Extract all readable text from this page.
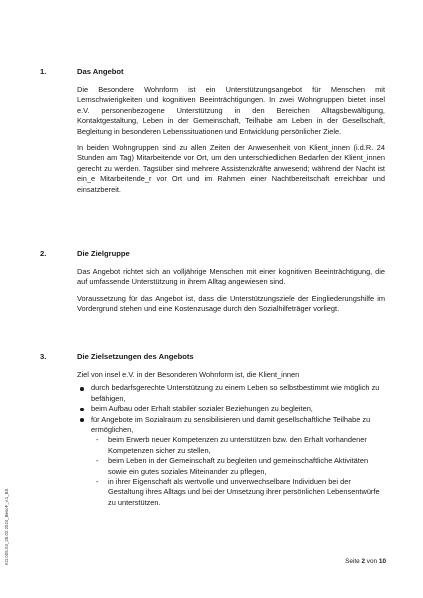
1.	Das Angebot

Die Besondere Wohnform ist ein Unterstützungsangebot für Menschen mit Lernschwierigkeiten und kognitiven Beeinträchtigungen. In zwei Wohngruppen bietet insel e.V. personenbezogene Unterstützung in den Bereichen Alltagsbewältigung, Kontaktgestaltung, Leben in der Gemeinschaft, Teilhabe am Leben in der Gesellschaft, Begleitung in besonderen Lebenssituationen und Entwicklung persönlicher Ziele.

In beiden Wohngruppen sind zu allen Zeiten der Anwesenheit von Klient_innen (i.d.R. 24 Stunden am Tag) Mitarbeitende vor Ort, um den unterschiedlichen Bedarfen der Klient_innen gerecht zu werden. Tagsüber sind mehrere Assistenzkräfte anwesend; während der Nacht ist ein_e Mitarbeitende_r vor Ort und im Rahmen einer Nachtbereitschaft erreichbar und einsatzbereit.

2.	Die Zielgruppe

Das Angebot richtet sich an volljährige Menschen mit einer kognitiven Beeinträchtigung, die auf umfassende Unterstützung in ihrem Alltag angewiesen sind.

Voraussetzung für das Angebot ist, dass die Unterstützungsziele der Eingliederungshilfe im Vordergrund stehen und eine Kostenzusage durch den Sozialhilfeträger vorliegt.

3.	Die Zielsetzungen des Angebots

Ziel von insel e.V. in der Besonderen Wohnform ist, die Klient_innen

durch bedarfsgerechte Unterstützung zu einem Leben so selbstbestimmt wie möglich zu befähigen,
beim Aufbau oder Erhalt stabiler sozialer Beziehungen zu begleiten,
für Angebote im Sozialraum zu sensibilisieren und damit gesellschaftliche Teilhabe zu ermöglichen,
- beim Erwerb neuer Kompetenzen zu unterstützen bzw. den Erhalt vorhandener Kompetenzen sicher zu stellen,
- beim Leben in der Gemeinschaft zu begleiten und gemeinschaftliche Aktivitäten sowie ein gutes soziales Miteinander zu pflegen,
- in ihrer Eigenschaft als wertvolle und unverwechselbare Individuen bei der Gestaltung ihres Alltags und bei der Umsetzung ihrer persönlichen Lebensentwürfe zu unterstützen.
KO.005.03_28.02.2024_BesoF_v.1_BS	Seite 2 von 10
